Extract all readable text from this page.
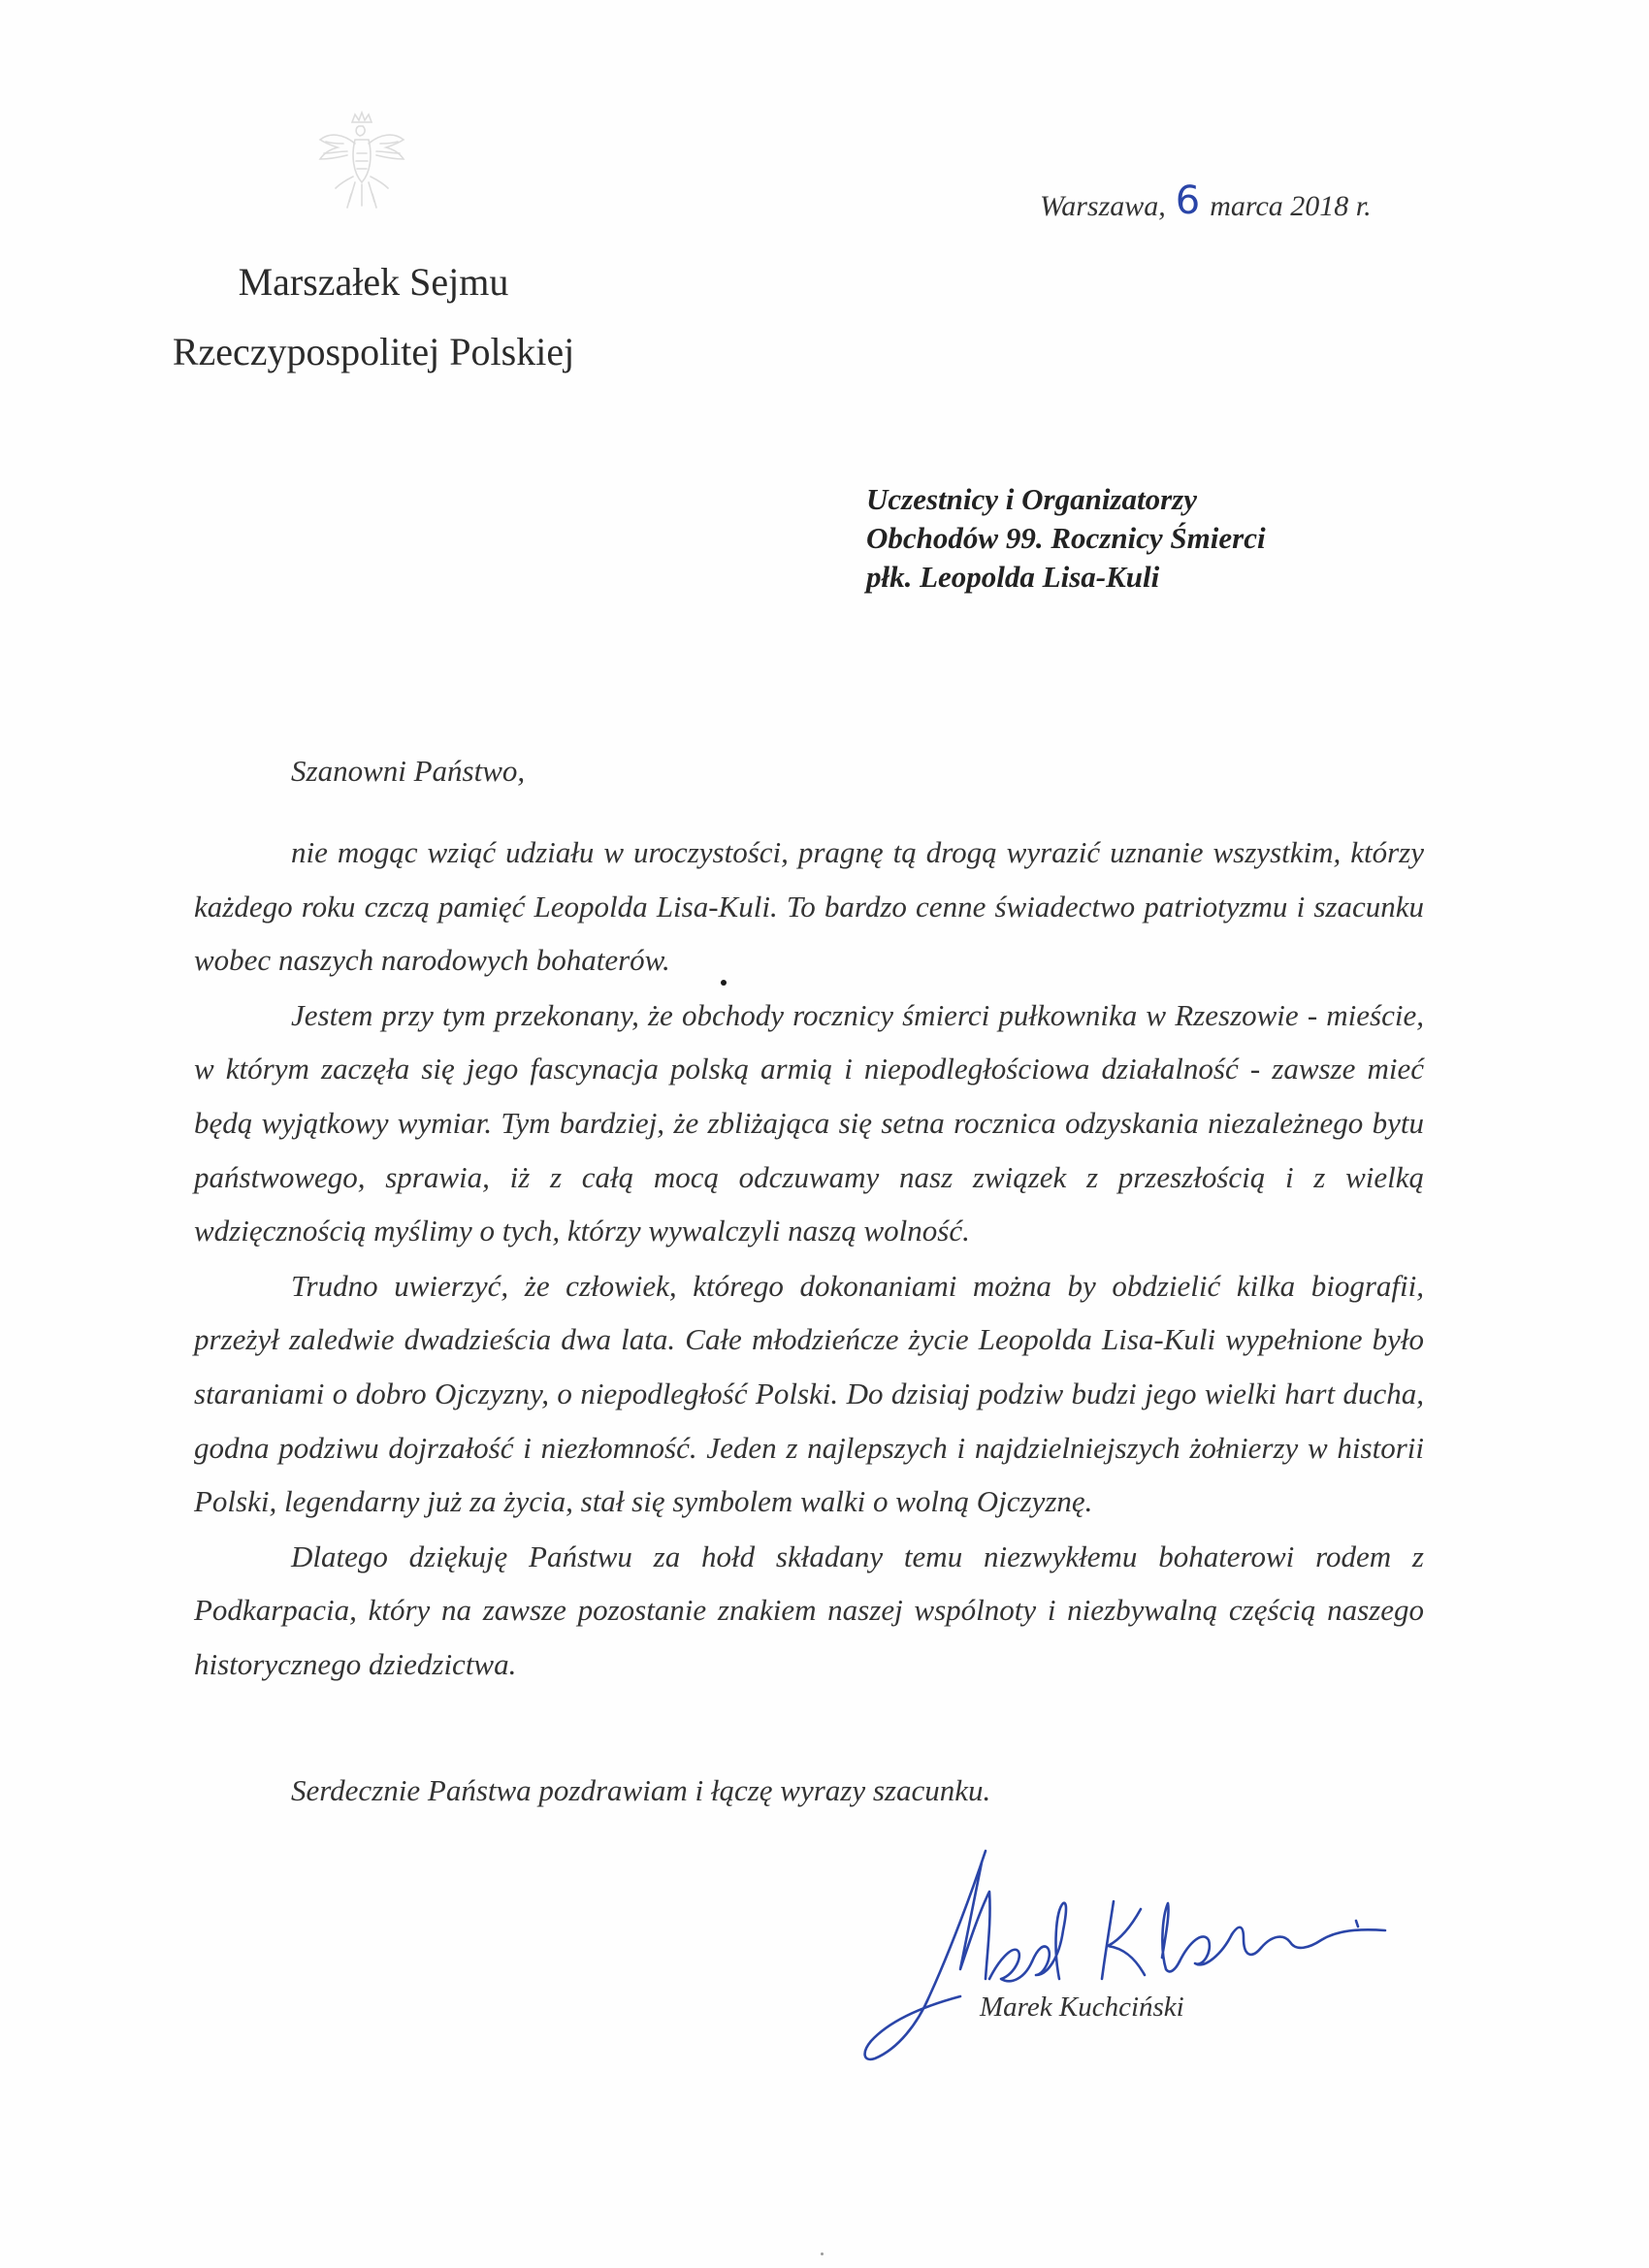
Warszawa, 6 marca 2018 r.
Marszałek Sejmu
Rzeczypospolitej Polskiej
Uczestnicy i Organizatorzy
Obchodów 99. Rocznicy Śmierci
płk. Leopolda Lisa-Kuli
Szanowni Państwo,

nie mogąc wziąć udziału w uroczystości, pragnę tą drogą wyrazić uznanie wszystkim, którzy każdego roku czczą pamięć Leopolda Lisa-Kuli. To bardzo cenne świadectwo patriotyzmu i szacunku wobec naszych narodowych bohaterów.

Jestem przy tym przekonany, że obchody rocznicy śmierci pułkownika w Rzeszowie - mieście, w którym zaczęła się jego fascynacja polską armią i niepodległościowa działalność - zawsze mieć będą wyjątkowy wymiar. Tym bardziej, że zbliżająca się setna rocznica odzyskania niezależnego bytu państwowego, sprawia, iż z całą mocą odczuwamy nasz związek z przeszłością i z wielką wdzięcznością myślimy o tych, którzy wywalczyli naszą wolność.

Trudno uwierzyć, że człowiek, którego dokonaniami można by obdzielić kilka biografii, przeżył zaledwie dwadzieścia dwa lata. Całe młodzieńcze życie Leopolda Lisa-Kuli wypełnione było staraniami o dobro Ojczyzny, o niepodległość Polski. Do dzisiaj podziw budzi jego wielki hart ducha, godna podziwu dojrzałość i niezłomność. Jeden z najlepszych i najdzielniejszych żołnierzy w historii Polski, legendarny już za życia, stał się symbolem walki o wolną Ojczyznę.

Dlatego dziękuję Państwu za hołd składany temu niezwykłemu bohaterowi rodem z Podkarpacia, który na zawsze pozostanie znakiem naszej wspólnoty i niezbywalną częścią naszego historycznego dziedzictwa.

Serdecznie Państwa pozdrawiam i łączę wyrazy szacunku.
Marek Kuchciński
